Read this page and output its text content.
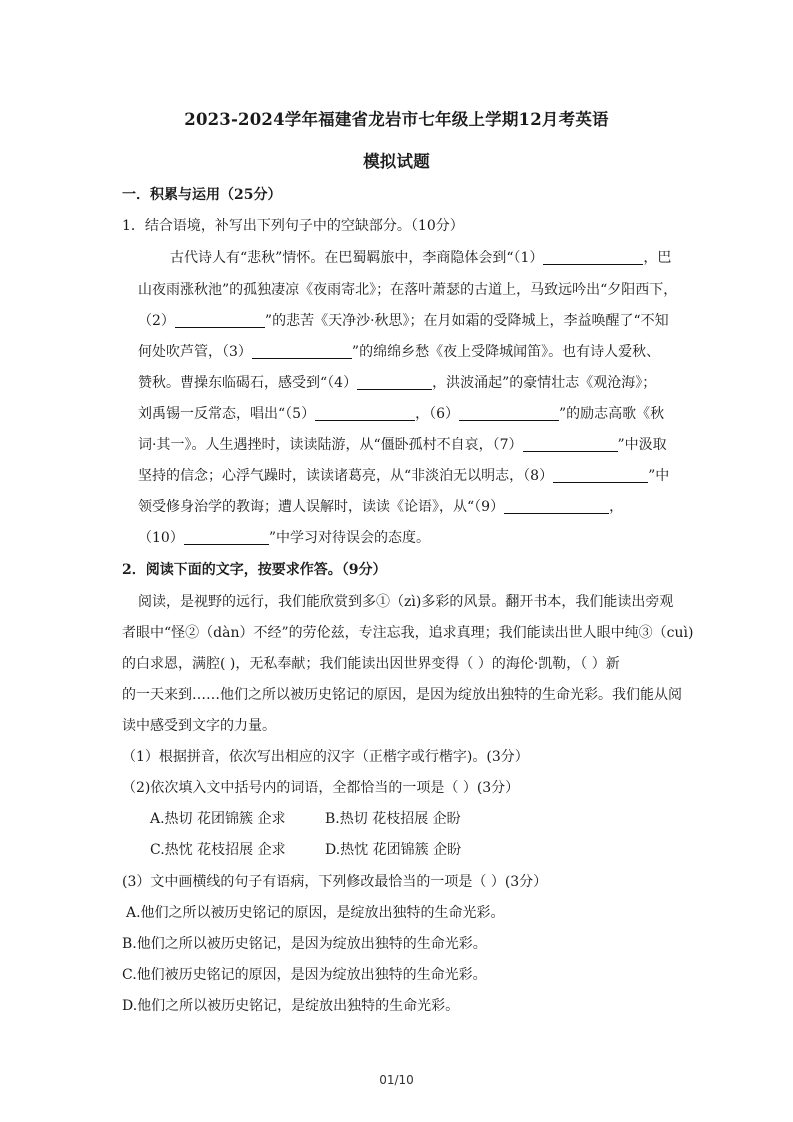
2023-2024学年福建省龙岩市七年级上学期12月考英语
模拟试题
一．积累与运用（25分）
1．结合语境，补写出下列句子中的空缺部分。（10分）
古代诗人有“悲秋”情怀。在巴蜀羁旅中，李商隐体会到“（1）	，巴
山夜雨涨秋池”的孤独凄凉《夜雨寄北》；在落叶萧瑟的古道上，马致远吟出“夕阳西下，
（2）	”的悲苦《天净沙·秋思》；在月如霜的受降城上，李益唤醒了“不知
何处吹芦管，（3）	”的绵绵乡愁《夜上受降城闻笛》。也有诗人爱秋、
赞秋。曹操东临碣石，感受到“（4）	，洪波涌起”的豪情壮志《观沧海》；
刘禹锡一反常态，唱出“（5）	，（6）	”的励志高歌《秋
词·其一》。人生遇挫时，读读陆游，从“僵卧孤村不自哀，（7）	”中汲取
坚持的信念；心浮气躁时，读读诸葛亮，从“非淡泊无以明志，（8）	”中
领受修身治学的教诲；遭人误解时，读读《论语》，从“（9）	，
（10）	”中学习对待误会的态度。
2．阅读下面的文字，按要求作答。（9分）
阅读，是视野的远行，我们能欣赏到多①（zì)多彩的风景。翻开书本，我们能读出旁观
者眼中“怪②（dàn）不经”的劳伦兹，专注忘我，追求真理；我们能读出世人眼中纯③（cuì)
的白求恩，满腔( )，无私奉献；我们能读出因世界变得（ ）的海伦·凯勒，（ ）新
的一天来到……他们之所以被历史铭记的原因，是因为绽放出独特的生命光彩。我们能从阅
读中感受到文字的力量。
（1）根据拼音，依次写出相应的汉字（正楷字或行楷字)。(3分）
（2)依次填入文中括号内的词语，全都恰当的一项是（ ）(3分）
A.热切 花团锦簇 企求	B.热切 花枝招展 企盼
C.热忱 花枝招展 企求	D.热忱 花团锦簇 企盼
(3）文中画横线的句子有语病，下列修改最恰当的一项是（ ）(3分）
A.他们之所以被历史铭记的原因，是绽放出独特的生命光彩。
B.他们之所以被历史铭记，是因为绽放出独特的生命光彩。
C.他们被历史铭记的原因，是因为绽放出独特的生命光彩。
D.他们之所以被历史铭记，是绽放出独特的生命光彩。
01/10
